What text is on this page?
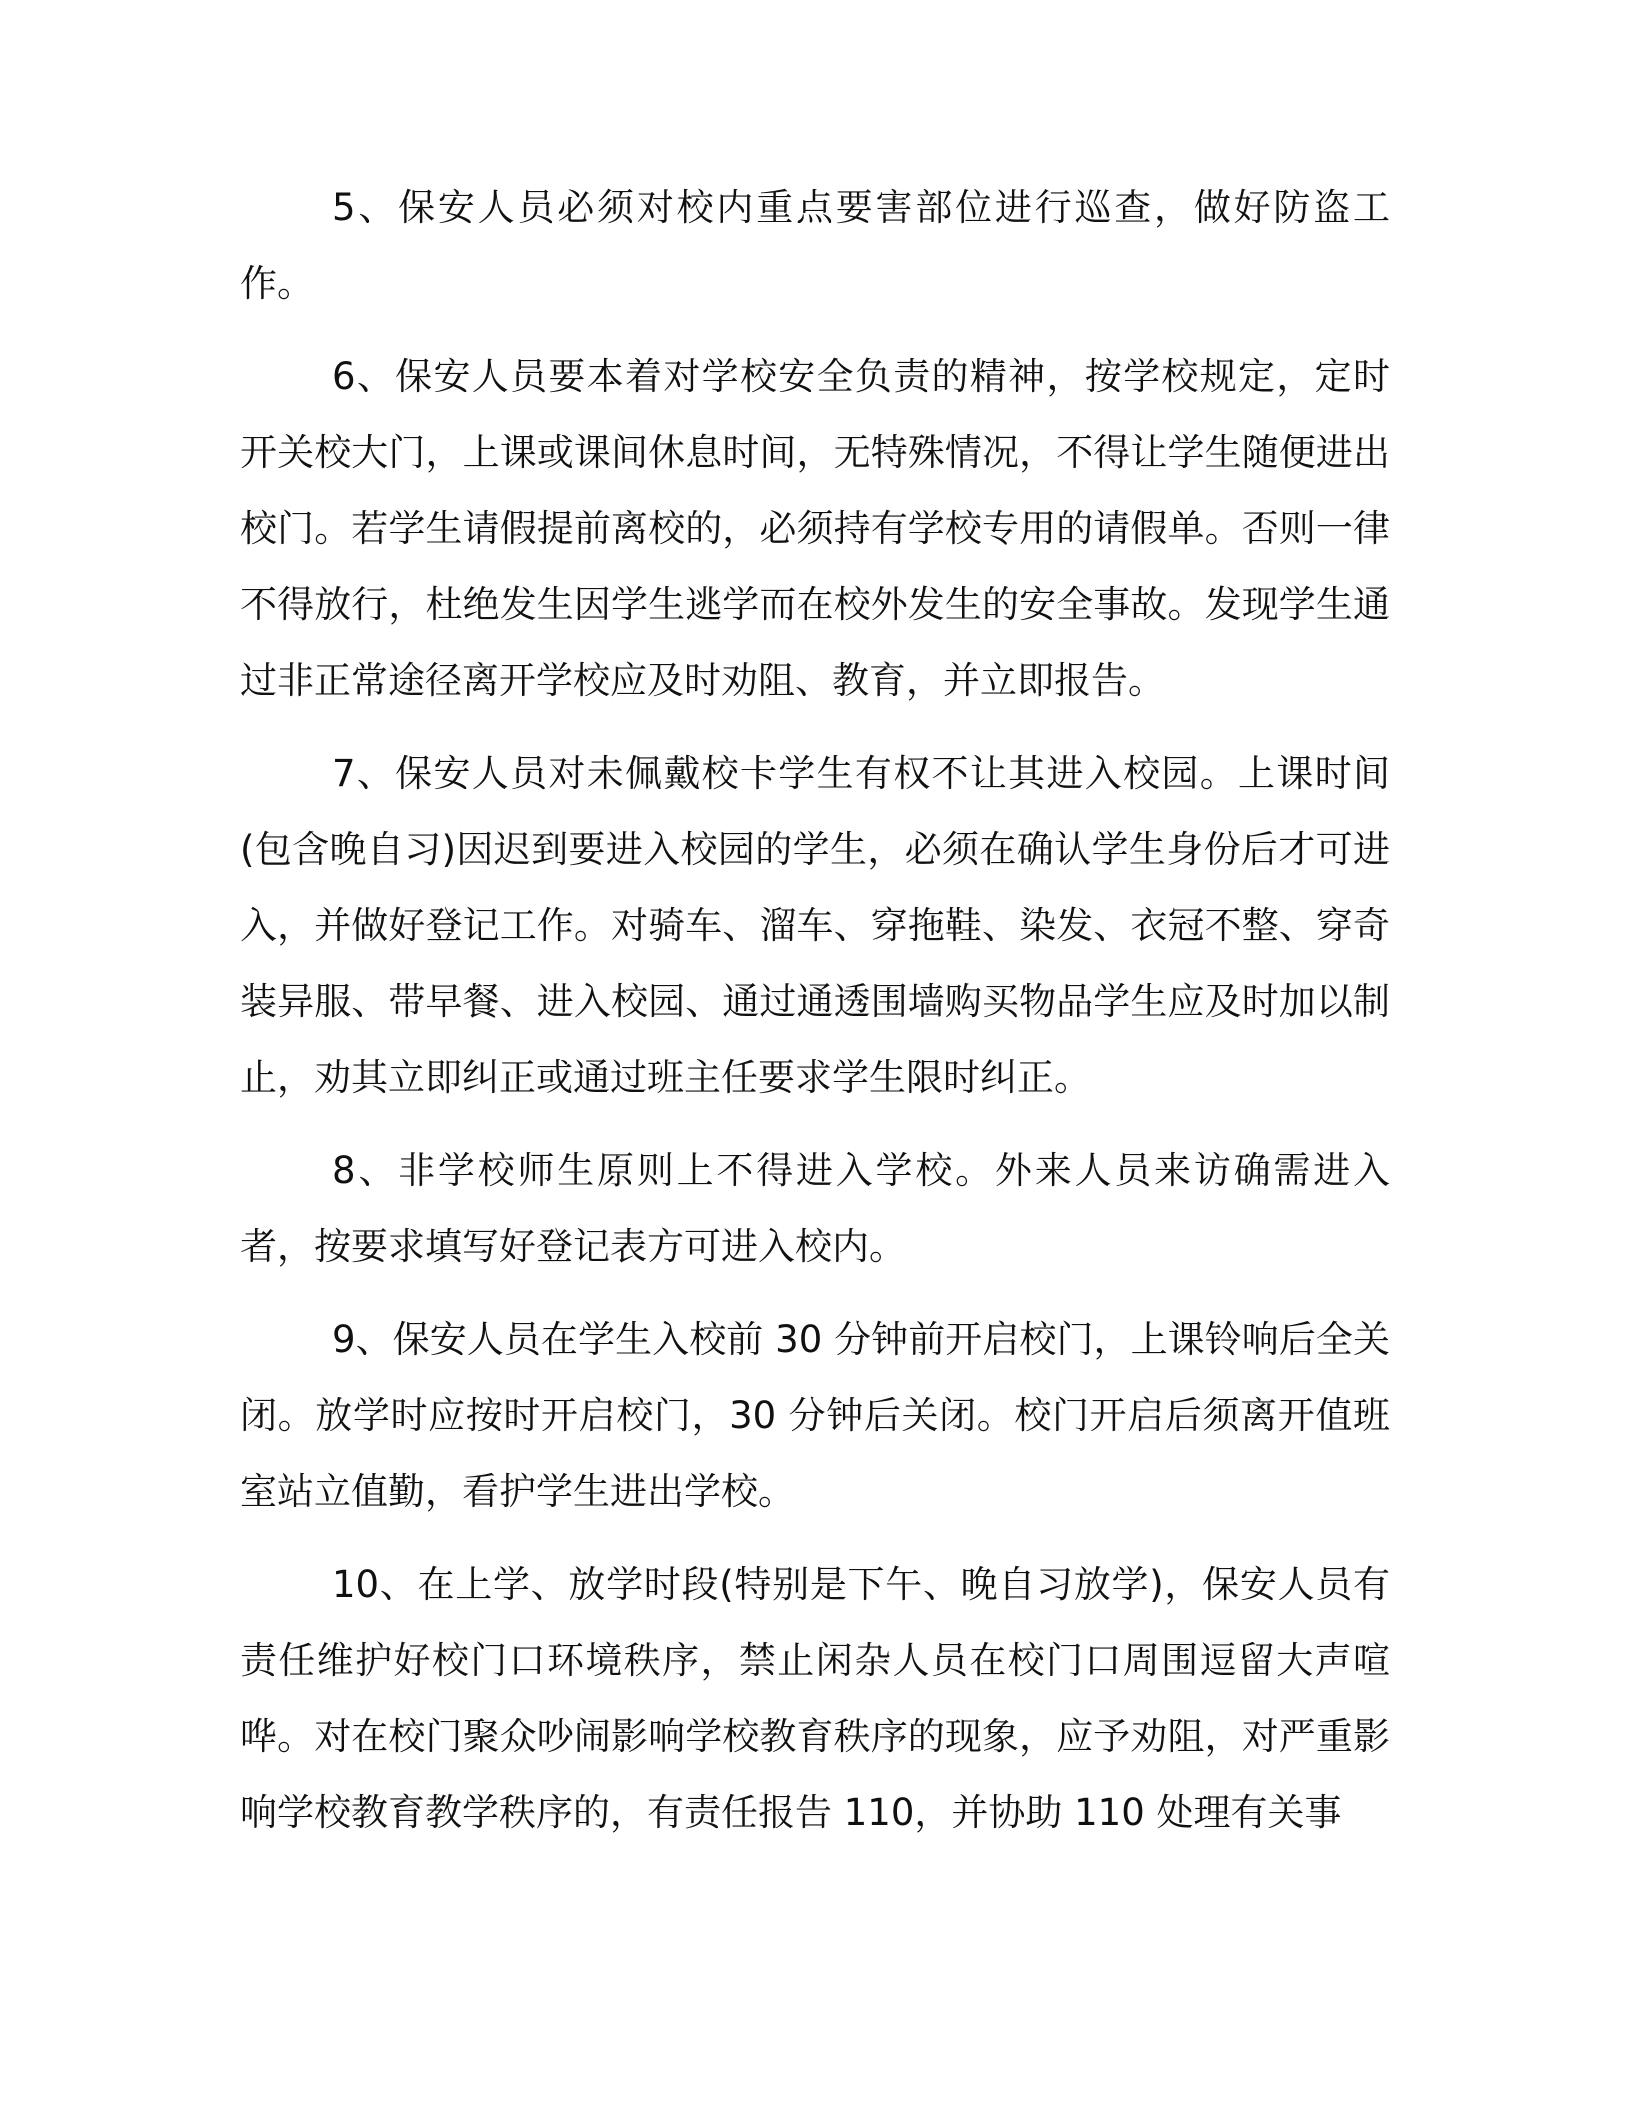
5、保安人员必须对校内重点要害部位进行巡查，做好防盗工作。

6、保安人员要本着对学校安全负责的精神，按学校规定，定时开关校大门，上课或课间休息时间，无特殊情况，不得让学生随便进出校门。若学生请假提前离校的，必须持有学校专用的请假单。否则一律不得放行，杜绝发生因学生逃学而在校外发生的安全事故。发现学生通过非正常途径离开学校应及时劝阻、教育，并立即报告。

7、保安人员对未佩戴校卡学生有权不让其进入校园。上课时间(包含晚自习)因迟到要进入校园的学生，必须在确认学生身份后才可进入，并做好登记工作。对骑车、溜车、穿拖鞋、染发、衣冠不整、穿奇装异服、带早餐、进入校园、通过通透围墙购买物品学生应及时加以制止，劝其立即纠正或通过班主任要求学生限时纠正。

8、非学校师生原则上不得进入学校。外来人员来访确需进入者，按要求填写好登记表方可进入校内。

9、保安人员在学生入校前 30 分钟前开启校门，上课铃响后全关闭。放学时应按时开启校门，30 分钟后关闭。校门开启后须离开值班室站立值勤，看护学生进出学校。

10、在上学、放学时段(特别是下午、晚自习放学)，保安人员有责任维护好校门口环境秩序，禁止闲杂人员在校门口周围逗留大声喧哗。对在校门聚众吵闹影响学校教育秩序的现象，应予劝阻，对严重影响学校教育教学秩序的，有责任报告 110，并协助 110 处理有关事
